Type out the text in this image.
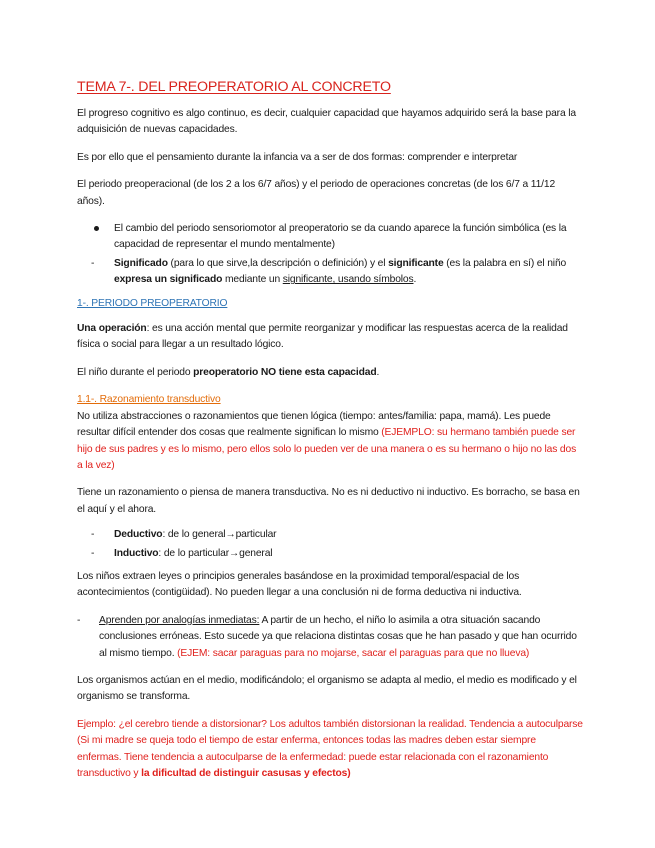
TEMA 7-. DEL PREOPERATORIO AL CONCRETO

El progreso cognitivo es algo continuo, es decir, cualquier capacidad que hayamos adquirido será la base para la adquisición de nuevas capacidades.

Es por ello que el pensamiento durante la infancia va a ser de dos formas: comprender e interpretar

El periodo preoperacional (de los 2 a los 6/7 años) y el periodo de operaciones concretas (de los 6/7 a 11/12 años).

El cambio del periodo sensoriomotor al preoperatorio se da cuando aparece la función simbólica (es la capacidad de representar el mundo mentalmente)
- Significado (para lo que sirve,la descripción o definición) y el significante (es la palabra en sí) el niño expresa un significado mediante un significante, usando símbolos.

1-. PERIODO PREOPERATORIO

Una operación: es una acción mental que permite reorganizar y modificar las respuestas acerca de la realidad física o social para llegar a un resultado lógico.

El niño durante el periodo preoperatorio NO tiene esta capacidad.

1.1-. Razonamiento transductivo

No utiliza abstracciones o razonamientos que tienen lógica (tiempo: antes/familia: papa, mamá). Les puede resultar difícil entender dos cosas que realmente significan lo mismo (EJEMPLO: su hermano también puede ser hijo de sus padres y es lo mismo, pero ellos solo lo pueden ver de una manera o es su hermano o hijo no las dos a la vez)

Tiene un razonamiento o piensa de manera transductiva. No es ni deductivo ni inductivo. Es borracho, se basa en el aquí y el ahora.

- Deductivo: de lo general→particular
- Inductivo: de lo particular→general

Los niños extraen leyes o principios generales basándose en la proximidad temporal/espacial de los acontecimientos (contigüidad). No pueden llegar a una conclusión ni de forma deductiva ni inductiva.

- Aprenden por analogías inmediatas: A partir de un hecho, el niño lo asimila a otra situación sacando conclusiones erróneas. Esto sucede ya que relaciona distintas cosas que he han pasado y que han ocurrido al mismo tiempo. (EJEM: sacar paraguas para no mojarse, sacar el paraguas para que no llueva)

Los organismos actúan en el medio, modificándolo; el organismo se adapta al medio, el medio es modificado y el organismo se transforma.

Ejemplo: ¿el cerebro tiende a distorsionar? Los adultos también distorsionan la realidad. Tendencia a autoculparse (Si mi madre se queja todo el tiempo de estar enferma, entonces todas las madres deben estar siempre enfermas. Tiene tendencia a autoculparse de la enfermedad: puede estar relacionada con el razonamiento transductivo y la dificultad de distinguir casusas y efectos)
